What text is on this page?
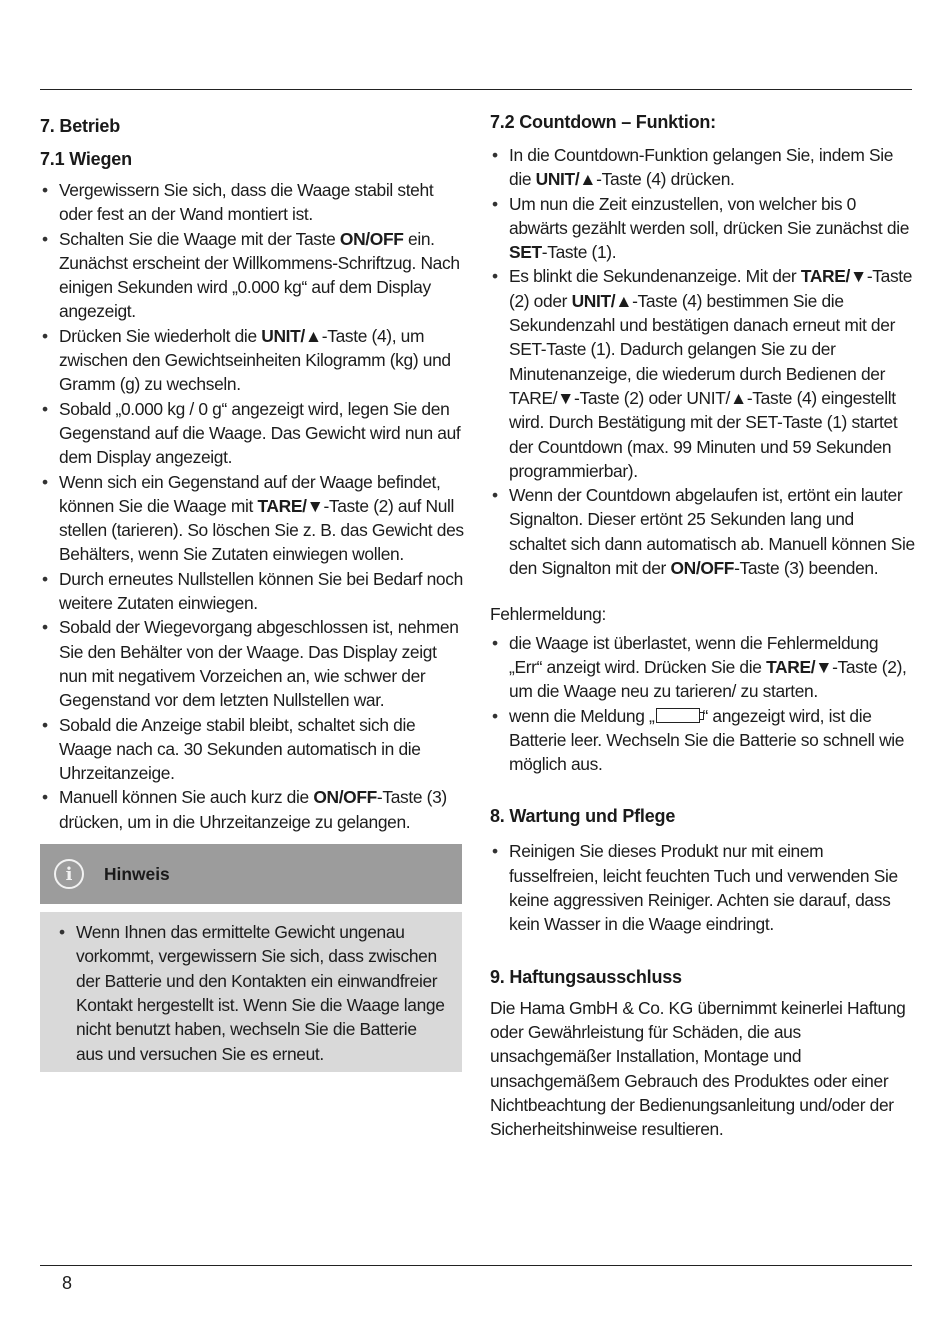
7. Betrieb
7.1 Wiegen
• Vergewissern Sie sich, dass die Waage stabil steht oder fest an der Wand montiert ist.
• Schalten Sie die Waage mit der Taste ON/OFF ein. Zunächst erscheint der Willkommens-Schriftzug. Nach einigen Sekunden wird „0.000 kg“ auf dem Display angezeigt.
• Drücken Sie wiederholt die UNIT/▲-Taste (4), um zwischen den Gewichtseinheiten Kilogramm (kg) und Gramm (g) zu wechseln.
• Sobald „0.000 kg / 0 g“ angezeigt wird, legen Sie den Gegenstand auf die Waage. Das Gewicht wird nun auf dem Display angezeigt.
• Wenn sich ein Gegenstand auf der Waage befindet, können Sie die Waage mit TARE/▼-Taste (2) auf Null stellen (tarieren). So löschen Sie z. B. das Gewicht des Behälters, wenn Sie Zutaten einwiegen wollen.
• Durch erneutes Nullstellen können Sie bei Bedarf noch weitere Zutaten einwiegen.
• Sobald der Wiegevorgang abgeschlossen ist, nehmen Sie den Behälter von der Waage. Das Display zeigt nun mit negativem Vorzeichen an, wie schwer der Gegenstand vor dem letzten Nullstellen war.
• Sobald die Anzeige stabil bleibt, schaltet sich die Waage nach ca. 30 Sekunden automatisch in die Uhrzeitanzeige.
• Manuell können Sie auch kurz die ON/OFF-Taste (3) drücken, um in die Uhrzeitanzeige zu gelangen.
i	Hinweis
• Wenn Ihnen das ermittelte Gewicht ungenau vorkommt, vergewissern Sie sich, dass zwischen der Batterie und den Kontakten ein einwandfreier Kontakt hergestellt ist. Wenn Sie die Waage lange nicht benutzt haben, wechseln Sie die Batterie aus und versuchen Sie es erneut.
7.2 Countdown – Funktion:
• In die Countdown-Funktion gelangen Sie, indem Sie die UNIT/▲-Taste (4) drücken.
• Um nun die Zeit einzustellen, von welcher bis 0 abwärts gezählt werden soll, drücken Sie zunächst die SET-Taste (1).
• Es blinkt die Sekundenanzeige. Mit der TARE/▼-Taste (2) oder UNIT/▲-Taste (4) bestimmen Sie die Sekundenzahl und bestätigen danach erneut mit der SET-Taste (1). Dadurch gelangen Sie zu der Minutenanzeige, die wiederum durch Bedienen der TARE/▼-Taste (2) oder UNIT/▲-Taste (4) eingestellt wird. Durch Bestätigung mit der SET-Taste (1) startet der Countdown (max. 99 Minuten und 59 Sekunden programmierbar).
• Wenn der Countdown abgelaufen ist, ertönt ein lauter Signalton. Dieser ertönt 25 Sekunden lang und schaltet sich dann automatisch ab. Manuell können Sie den Signalton mit der ON/OFF-Taste (3) beenden.

Fehlermeldung:

• die Waage ist überlastet, wenn die Fehlermeldung „Err“ anzeigt wird. Drücken Sie die TARE/▼-Taste (2), um die Waage neu zu tarieren/ zu starten.
• wenn die Meldung „	“ angezeigt wird, ist die Batterie leer. Wechseln Sie die Batterie so schnell wie möglich aus.
8. Wartung und Pflege
• Reinigen Sie dieses Produkt nur mit einem fusselfreien, leicht feuchten Tuch und verwenden Sie keine aggressiven Reiniger. Achten sie darauf, dass kein Wasser in die Waage eindringt.
9. Haftungsausschluss

Die Hama GmbH & Co. KG übernimmt keinerlei Haftung oder Gewährleistung für Schäden, die aus unsachgemäßer Installation, Montage und unsachgemäßem Gebrauch des Produktes oder einer Nichtbeachtung der Bedienungsanleitung und/oder der Sicherheitshinweise resultieren.

8
